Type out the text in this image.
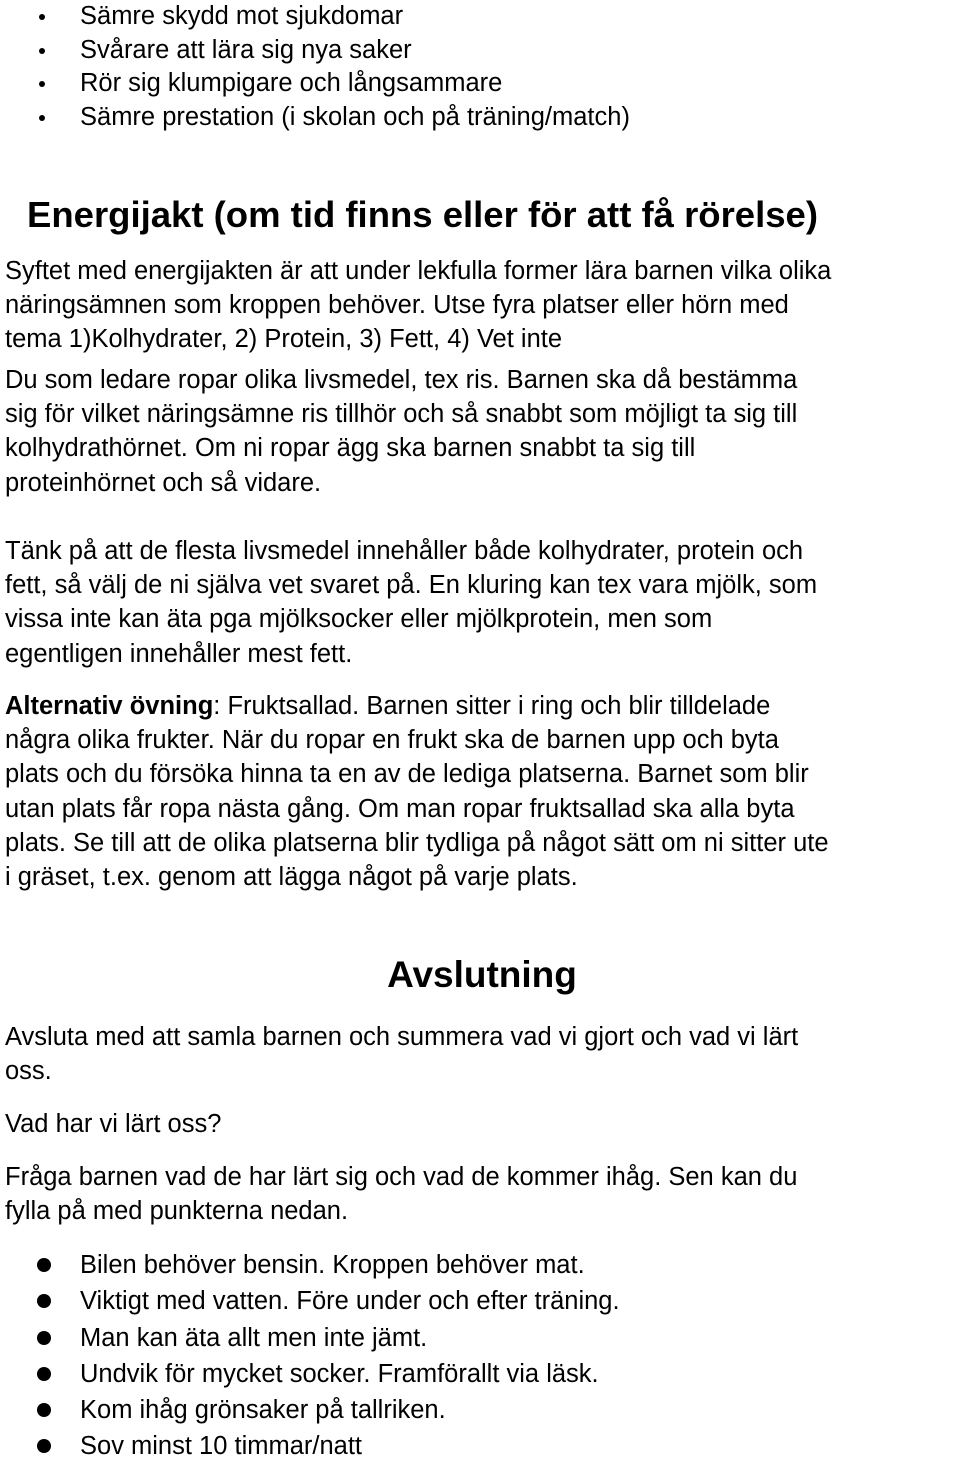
Sämre skydd mot sjukdomar
Svårare att lära sig nya saker
Rör sig klumpigare och långsammare
Sämre prestation (i skolan och på träning/match)
Energijakt (om tid finns eller för att få rörelse)
Syftet med energijakten är att under lekfulla former lära barnen vilka olika
näringsämnen som kroppen behöver. Utse fyra platser eller hörn med
tema 1)Kolhydrater, 2) Protein, 3) Fett, 4) Vet inte
Du som ledare ropar olika livsmedel, tex ris. Barnen ska då bestämma
sig för vilket näringsämne ris tillhör och så snabbt som möjligt ta sig till
kolhydrathörnet. Om ni ropar ägg ska barnen snabbt ta sig till
proteinhörnet och så vidare.
Tänk på att de flesta livsmedel innehåller både kolhydrater, protein och
fett, så välj de ni själva vet svaret på. En kluring kan tex vara mjölk, som
vissa inte kan äta pga mjölksocker eller mjölkprotein, men som
egentligen innehåller mest fett.
Alternativ övning: Fruktsallad. Barnen sitter i ring och blir tilldelade
några olika frukter. När du ropar en frukt ska de barnen upp och byta
plats och du försöka hinna ta en av de lediga platserna. Barnet som blir
utan plats får ropa nästa gång. Om man ropar fruktsallad ska alla byta
plats. Se till att de olika platserna blir tydliga på något sätt om ni sitter ute
i gräset, t.ex. genom att lägga något på varje plats.
Avslutning
Avsluta med att samla barnen och summera vad vi gjort och vad vi lärt
oss.
Vad har vi lärt oss?
Fråga barnen vad de har lärt sig och vad de kommer ihåg. Sen kan du
fylla på med punkterna nedan.
Bilen behöver bensin. Kroppen behöver mat.
Viktigt med vatten. Före under och efter träning.
Man kan äta allt men inte jämt.
Undvik för mycket socker. Framförallt via läsk.
Kom ihåg grönsaker på tallriken.
Sov minst 10 timmar/natt
